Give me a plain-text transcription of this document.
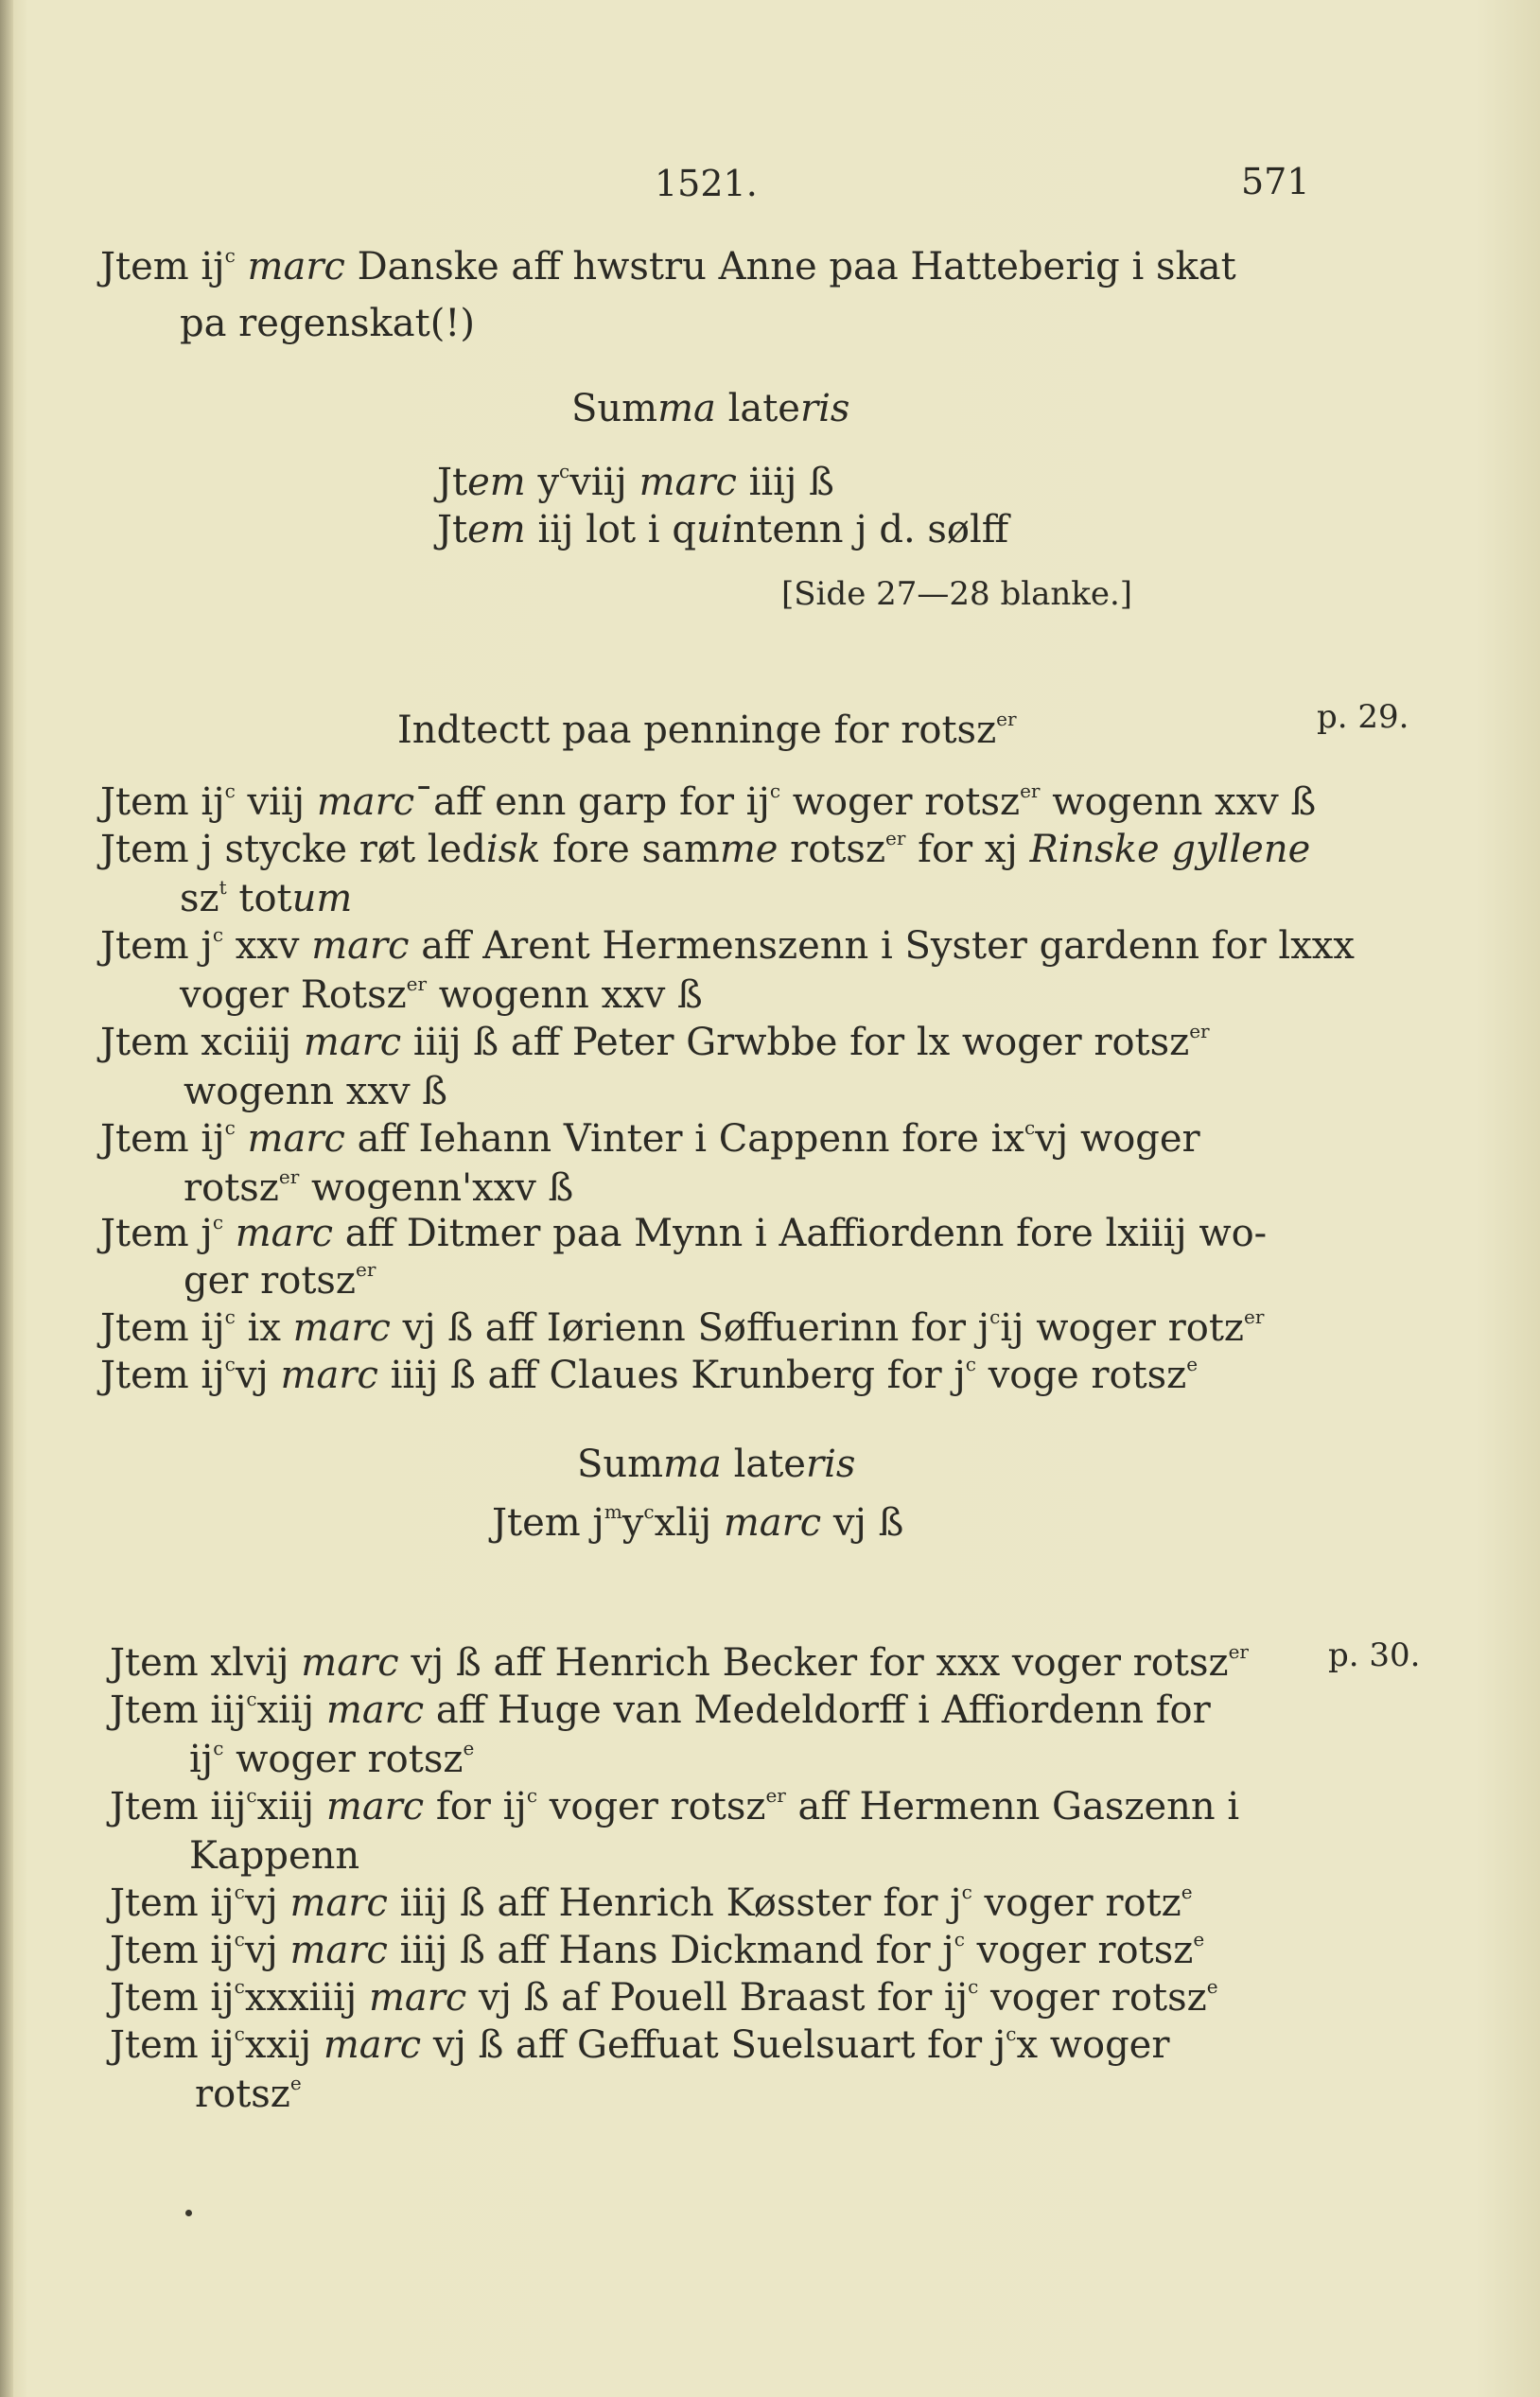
1521.	571
Jtem $ij^c$ marc Danske aff hwstru Anne paa Hatteberig i skat
pa regenskat(!)
Summa lateris
Jtem $y^cviij$ marc iiij ß
Jtem iij lot i quintenn j d. sølff
[Side 27—28 blanke.]
Indtectt paa penninge for rotsz$^{er}$	p. 29.
Jtem $ij^c$ viij marc¯aff enn garp for $ij^c$ woger rotsz$^{er}$ wogenn xxv ß
Jtem j stycke røt ledisk fore samme rotsz$^{er}$ for xj Rinske gyllene
$sz^t$ totum
Jtem $j^c$ xxv marc aff Arent Hermenszenn i Syster gardenn for lxxx
voger Rotsz$^{er}$ wogenn xxv ß
Jtem xciiij marc iiij ß aff Peter Grwbbe for lx woger rotsz$^{er}$
wogenn xxv ß
Jtem $ij^c$ marc aff Iehann Vinter i Cappenn fore $ix^cvj$ woger
rotsz$^{er}$ wogenn'xxv ß
Jtem $j^c$ marc aff Ditmer paa Mynn i Aaffiordenn fore lxiiij wo-
ger rotsz$^{er}$
Jtem $ij^c$ ix marc vj ß aff Iørienn Søffuerinn for $j^cij$ woger rotz$^{er}$
Jtem $ij^cvj$ marc iiij ß aff Claues Krunberg for $j^c$ voge rotsz$^e$
Summa lateris
Jtem $j^my^cxlij$ marc vj ß
p. 30.
Jtem xlvij marc vj ß aff Henrich Becker for xxx voger rotsz$^{er}$
Jtem iij$^c$xiij marc aff Huge van Medeldorff i Affiordenn for
$ij^c$ woger rotsz$^e$
Jtem iij$^c$xiij marc for $ij^c$ voger rotsz$^{er}$ aff Hermenn Gaszenn i
Kappenn
Jtem $ij^cvj$ marc iiij ß aff Henrich Køsster for $j^c$ voger rotz$^e$
Jtem $ij^cvj$ marc iiij ß aff Hans Dickmand for $j^c$ voger rotsz$^e$
Jtem $ij^cxxxiiij$ marc vj ß af Pouell Braast for $ij^c$ voger rotsz$^e$
Jtem $ij^cxxij$ marc vj ß aff Geffuat Suelsuart for $j^cx$ woger
rotsz$^e$
